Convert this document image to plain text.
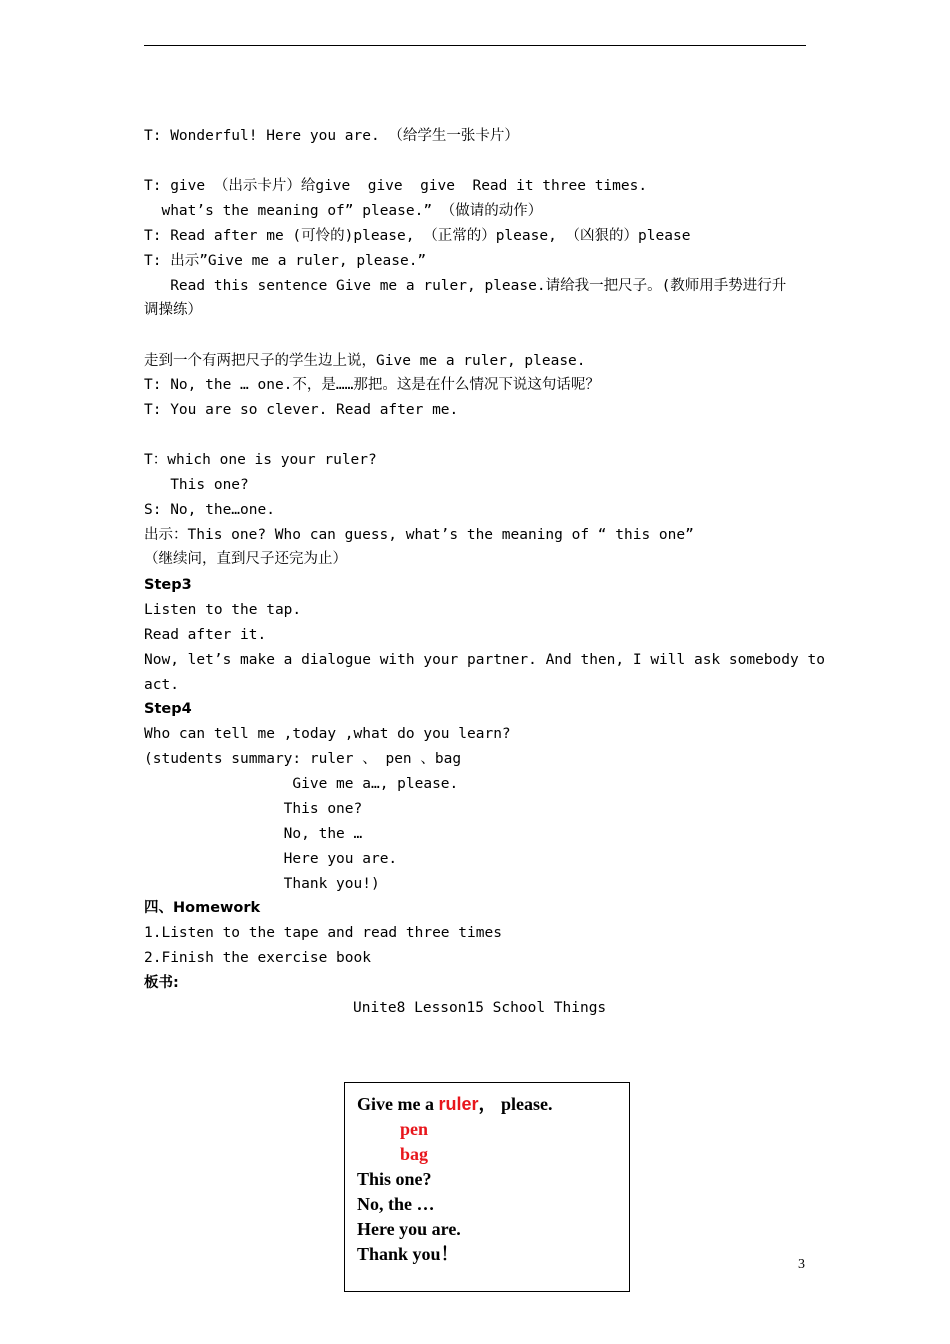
T: Wonderful! Here you are. （给学生一张卡片）
T: give （出示卡片）给give  give  give  Read it three times.
what’s the meaning of” please.” （做请的动作）
T: Read after me (可怜的)please, （正常的）please, （凶狠的）please
T: 出示”Give me a ruler, please.”
Read this sentence Give me a ruler, please.请给我一把尺子。(教师用手势进行升
调操练）
走到一个有两把尺子的学生边上说，Give me a ruler, please.
T: No, the … one.不，是……那把。这是在什么情况下说这句话呢？
T: You are so clever. Read after me.
T：which one is your ruler?
This one?
S: No, the…one.
出示：This one? Who can guess, what’s the meaning of “ this one”
（继续问，直到尺子还完为止）
Step3
Listen to the tap.
Read after it.
Now, let’s make a dialogue with your partner. And then, I will ask somebody to
act.
Step4
Who can tell me ,today ,what do you learn?
(students summary: ruler 、 pen 、bag
Give me a…, please.
This one?
No, the …
Here you are.
Thank you!)
四、Homework
1.Listen to the tape and read three times
2.Finish the exercise book
板书:
Unite8 Lesson15 School Things
Give me a ruler， please.
pen
bag
This one?
No, the …
Here you are.
Thank you！
3
